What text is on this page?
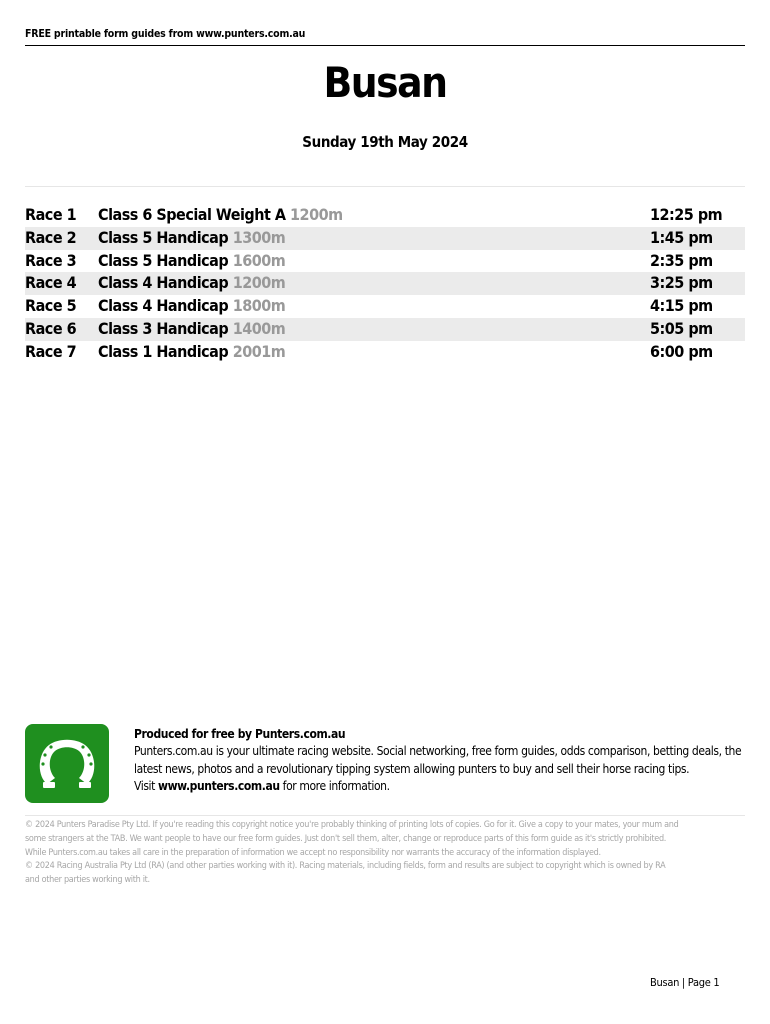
FREE printable form guides from www.punters.com.au
Busan
Sunday 19th May 2024
Race 1 Class 6 Special Weight A 1200m	12:25 pm
Race 2 Class 5 Handicap 1300m	1:45 pm
Race 3 Class 5 Handicap 1600m	2:35 pm
Race 4 Class 4 Handicap 1200m	3:25 pm
Race 5 Class 4 Handicap 1800m	4:15 pm
Race 6 Class 3 Handicap 1400m	5:05 pm
Race 7 Class 1 Handicap 2001m	6:00 pm
Produced for free by Punters.com.au
Punters.com.au is your ultimate racing website. Social networking, free form guides, odds comparison, betting deals, the
latest news, photos and a revolutionary tipping system allowing punters to buy and sell their horse racing tips.
Visit www.punters.com.au for more information.
© 2024 Punters Paradise Pty Ltd. If you're reading this copyright notice you're probably thinking of printing lots of copies. Go for it. Give a copy to your mates, your mum and
some strangers at the TAB. We want people to have our free form guides. Just don't sell them, alter, change or reproduce parts of this form guide as it's strictly prohibited.
While Punters.com.au takes all care in the preparation of information we accept no responsibility nor warrants the accuracy of the information displayed.
© 2024 Racing Australia Pty Ltd (RA) (and other parties working with it). Racing materials, including fields, form and results are subject to copyright which is owned by RA
and other parties working with it.
Busan | Page 1
